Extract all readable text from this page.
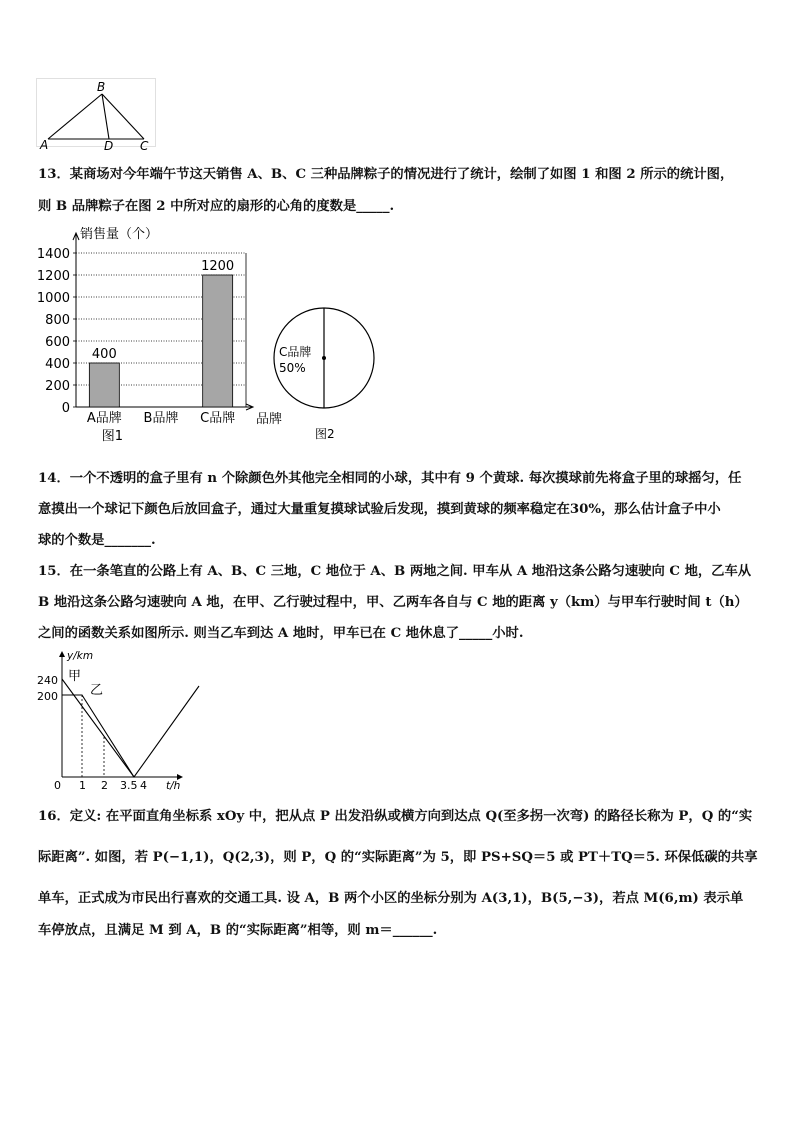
A
B
D C
13．某商场对今年端午节这天销售 A、B、C 三种品牌粽子的情况进行了统计，绘制了如图 1 和图 2 所示的统计图，
则 B 品牌粽子在图 2 中所对应的扇形的心角的度数是_____.
0
200
400
600
800
1000
1200
1400
销售量（个）
品牌
400
A品牌 B品牌
1200
C品牌
图1
C品牌
50%
图2
14．一个不透明的盒子里有 n 个除颜色外其他完全相同的小球，其中有 9 个黄球. 每次摸球前先将盒子里的球摇匀，任
意摸出一个球记下颜色后放回盒子，通过大量重复摸球试验后发现，摸到黄球的频率稳定在30%，那么估计盒子中小
球的个数是_______.
15．在一条笔直的公路上有 A、B、C 三地，C 地位于 A、B 两地之间. 甲车从 A 地沿这条公路匀速驶向 C 地，乙车从
B 地沿这条公路匀速驶向 A 地，在甲、乙行驶过程中，甲、乙两车各自与 C 地的距离 y（km）与甲车行驶时间 t（h）
之间的函数关系如图所示. 则当乙车到达 A 地时，甲车已在 C 地休息了_____小时.
y/km
t/h
240
200
0 1 2 3.5 4
甲
乙
16．定义: 在平面直角坐标系 xOy 中，把从点 P 出发沿纵或横方向到达点 Q(至多拐一次弯) 的路径长称为 P，Q 的“实
际距离”. 如图，若 P(−1,1)，Q(2,3)，则 P，Q 的“实际距离”为 5，即 PS+SQ＝5 或 PT＋TQ＝5. 环保低碳的共享
单车，正式成为市民出行喜欢的交通工具. 设 A，B 两个小区的坐标分别为 A(3,1)，B(5,−3)，若点 M(6,m) 表示单
车停放点，且满足 M 到 A，B 的“实际距离”相等，则 m＝______.
